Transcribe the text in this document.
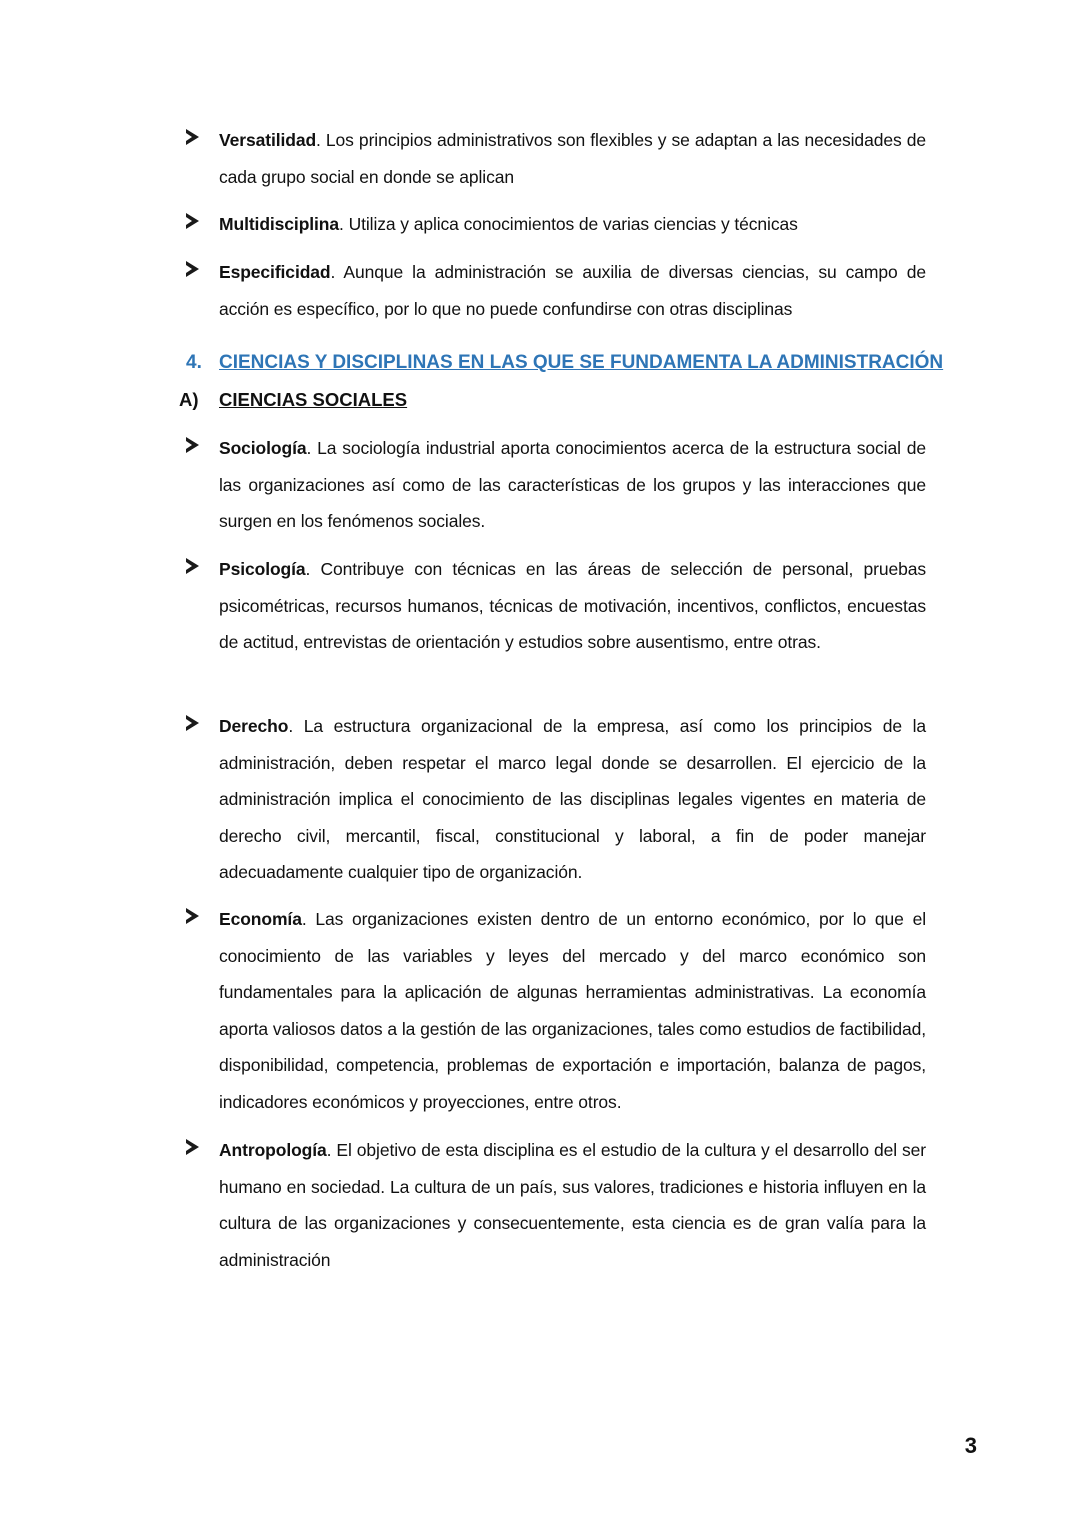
Versatilidad. Los principios administrativos son flexibles y se adaptan a las necesidades de cada grupo social en donde se aplican
Multidisciplina. Utiliza y aplica conocimientos de varias ciencias y técnicas
Especificidad. Aunque la administración se auxilia de diversas ciencias, su campo de acción es específico, por lo que no puede confundirse con otras disciplinas
4. CIENCIAS Y DISCIPLINAS EN LAS QUE SE FUNDAMENTA LA ADMINISTRACIÓN
A) CIENCIAS SOCIALES
Sociología. La sociología industrial aporta conocimientos acerca de la estructura social de las organizaciones así como de las características de los grupos y las interacciones que surgen en los fenómenos sociales.
Psicología. Contribuye con técnicas en las áreas de selección de personal, pruebas psicométricas, recursos humanos, técnicas de motivación, incentivos, conflictos, encuestas de actitud, entrevistas de orientación y estudios sobre ausentismo, entre otras.
Derecho. La estructura organizacional de la empresa, así como los principios de la administración, deben respetar el marco legal donde se desarrollen. El ejercicio de la administración implica el conocimiento de las disciplinas legales vigentes en materia de derecho civil, mercantil, fiscal, constitucional y laboral, a fin de poder manejar adecuadamente cualquier tipo de organización.
Economía. Las organizaciones existen dentro de un entorno económico, por lo que el conocimiento de las variables y leyes del mercado y del marco económico son fundamentales para la aplicación de algunas herramientas administrativas. La economía aporta valiosos datos a la gestión de las organizaciones, tales como estudios de factibilidad, disponibilidad, competencia, problemas de exportación e importación, balanza de pagos, indicadores económicos y proyecciones, entre otros.
Antropología. El objetivo de esta disciplina es el estudio de la cultura y el desarrollo del ser humano en sociedad. La cultura de un país, sus valores, tradiciones e historia influyen en la cultura de las organizaciones y consecuentemente, esta ciencia es de gran valía para la administración
3
